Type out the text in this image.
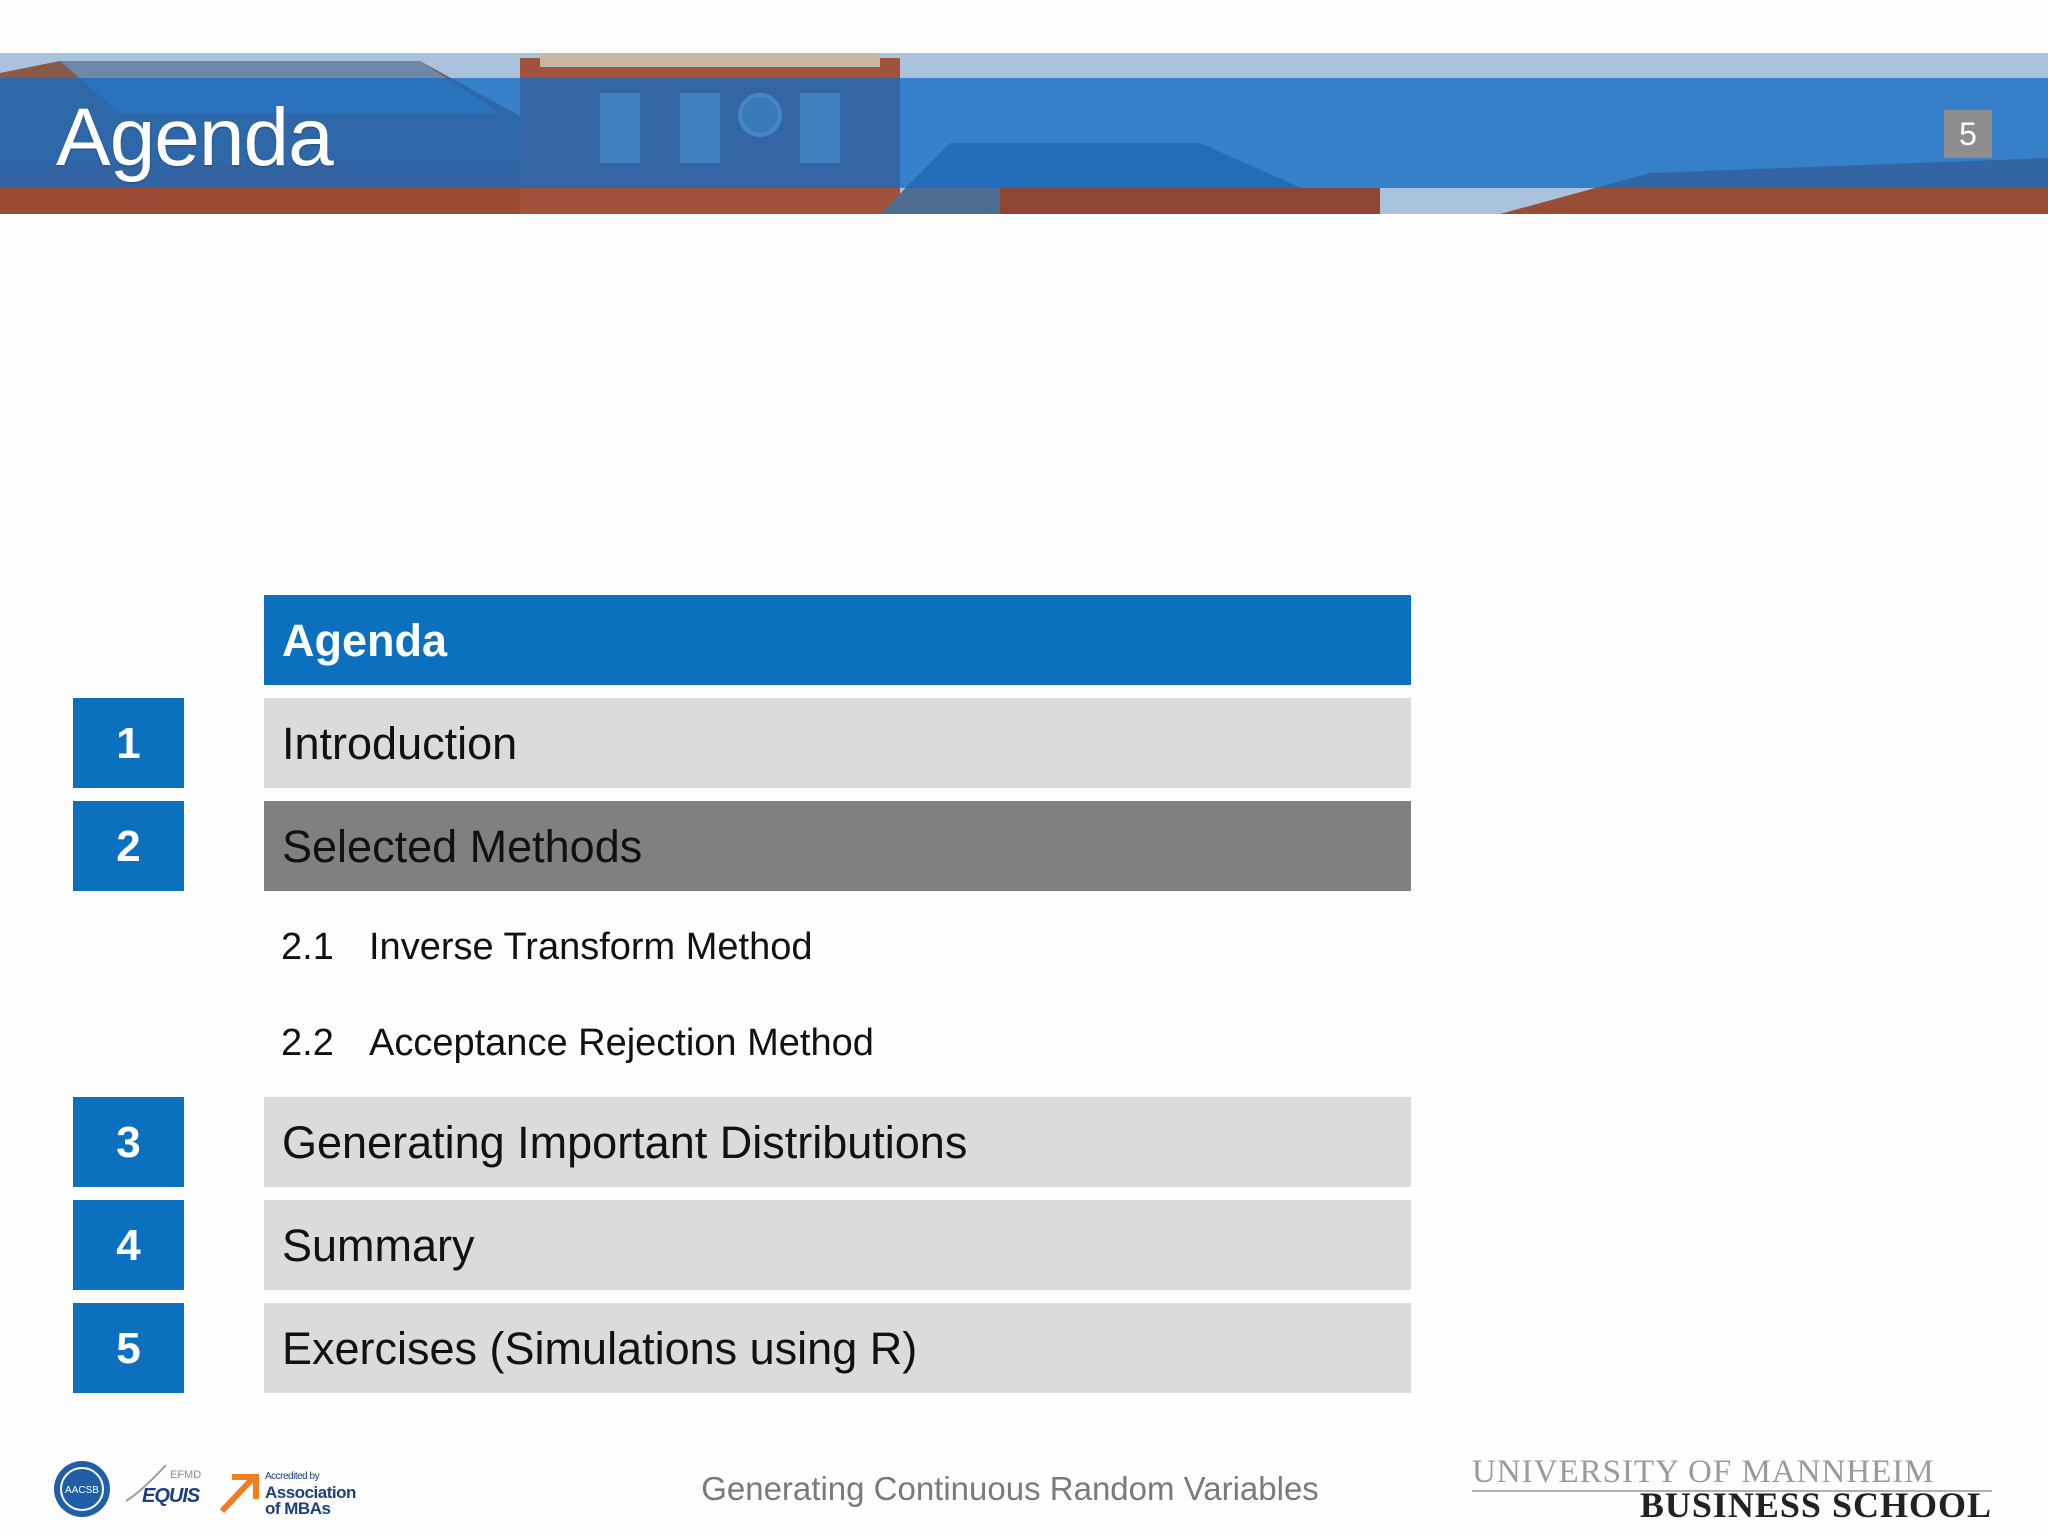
Agenda	5
Agenda
1	Introduction
2	Selected Methods
2.1 Inverse Transform Method
2.2 Acceptance Rejection Method
3	Generating Important Distributions
4	Summary
5	Exercises (Simulations using R)
AACSB
EFMD
EQUIS
Accredited by
Association
of MBAs
Generating Continuous Random Variables	UNIVERSITY OF MANNHEIM
BUSINESS SCHOOL
